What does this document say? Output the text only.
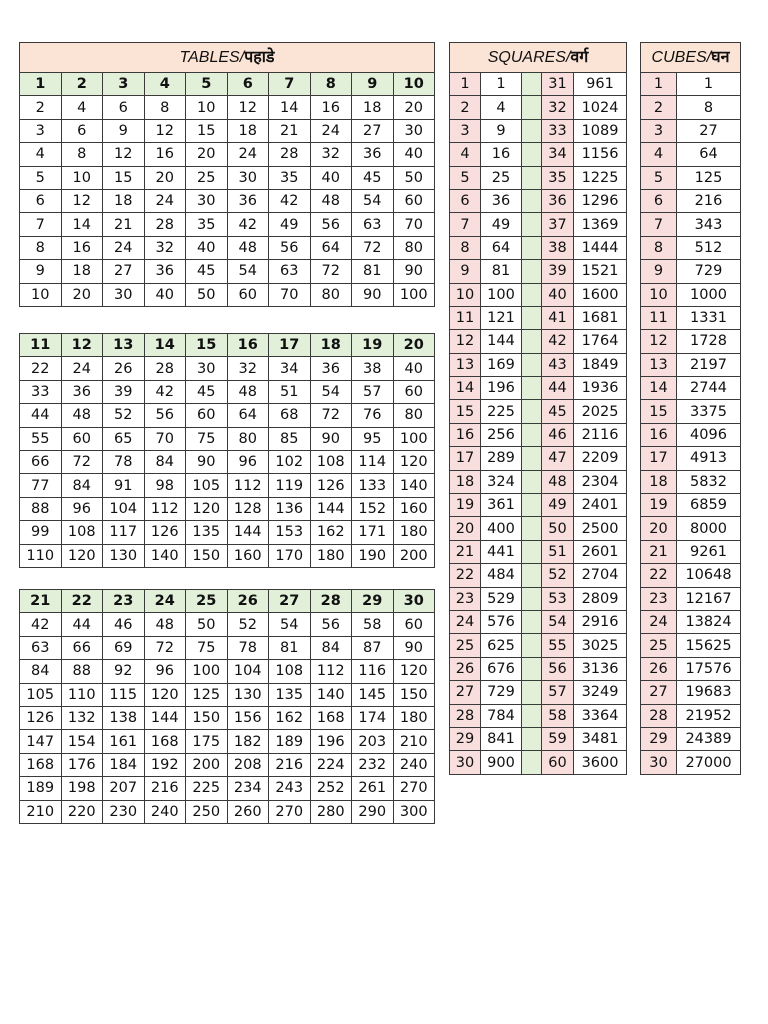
TABLES/पहाडे									
1	2	3	4	5	6	7	8	9	10
2	4	6	8	10	12	14	16	18	20
3	6	9	12	15	18	21	24	27	30
4	8	12	16	20	24	28	32	36	40
5	10	15	20	25	30	35	40	45	50
6	12	18	24	30	36	42	48	54	60
7	14	21	28	35	42	49	56	63	70
8	16	24	32	40	48	56	64	72	80
9	18	27	36	45	54	63	72	81	90
10	20	30	40	50	60	70	80	90	100
11	12	13	14	15	16	17	18	19	20
22	24	26	28	30	32	34	36	38	40
33	36	39	42	45	48	51	54	57	60
44	48	52	56	60	64	68	72	76	80
55	60	65	70	75	80	85	90	95	100
66	72	78	84	90	96	102	108	114	120
77	84	91	98	105	112	119	126	133	140
88	96	104	112	120	128	136	144	152	160
99	108	117	126	135	144	153	162	171	180
110	120	130	140	150	160	170	180	190	200
21	22	23	24	25	26	27	28	29	30
42	44	46	48	50	52	54	56	58	60
63	66	69	72	75	78	81	84	87	90
84	88	92	96	100	104	108	112	116	120
105	110	115	120	125	130	135	140	145	150
126	132	138	144	150	156	162	168	174	180
147	154	161	168	175	182	189	196	203	210
168	176	184	192	200	208	216	224	232	240
189	198	207	216	225	234	243	252	261	270
210	220	230	240	250	260	270	280	290	300
SQUARES/वर्ग				
1	1		31	961
2	4		32	1024
3	9		33	1089
4	16		34	1156
5	25		35	1225
6	36		36	1296
7	49		37	1369
8	64		38	1444
9	81		39	1521
10	100		40	1600
11	121		41	1681
12	144		42	1764
13	169		43	1849
14	196		44	1936
15	225		45	2025
16	256		46	2116
17	289		47	2209
18	324		48	2304
19	361		49	2401
20	400		50	2500
21	441		51	2601
22	484		52	2704
23	529		53	2809
24	576		54	2916
25	625		55	3025
26	676		56	3136
27	729		57	3249
28	784		58	3364
29	841		59	3481
30	900		60	3600
CUBES/घन	
1	1
2	8
3	27
4	64
5	125
6	216
7	343
8	512
9	729
10	1000
11	1331
12	1728
13	2197
14	2744
15	3375
16	4096
17	4913
18	5832
19	6859
20	8000
21	9261
22	10648
23	12167
24	13824
25	15625
26	17576
27	19683
28	21952
29	24389
30	27000
